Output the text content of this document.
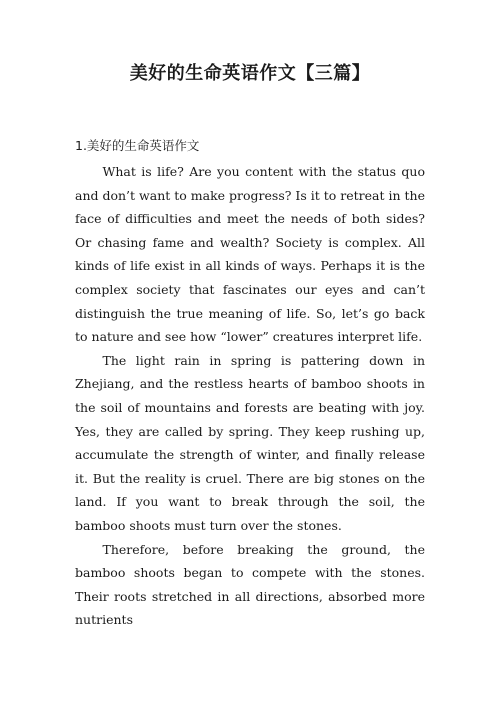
美好的生命英语作文【三篇】
1.美好的生命英语作文

What is life? Are you content with the status quo and don’t want to make progress? Is it to retreat in the face of difficulties and meet the needs of both sides? Or chasing fame and wealth? Society is complex. All kinds of life exist in all kinds of ways. Perhaps it is the complex society that fascinates our eyes and can’t distinguish the true meaning of life. So, let’s go back to nature and see how “lower” creatures interpret life.

The light rain in spring is pattering down in Zhejiang, and the restless hearts of bamboo shoots in the soil of mountains and forests are beating with joy. Yes, they are called by spring. They keep rushing up, accumulate the strength of winter, and finally release it. But the reality is cruel. There are big stones on the land. If you want to break through the soil, the bamboo shoots must turn over the stones.

Therefore, before breaking the ground, the bamboo shoots began to compete with the stones. Their roots stretched in all directions, absorbed more nutrients
